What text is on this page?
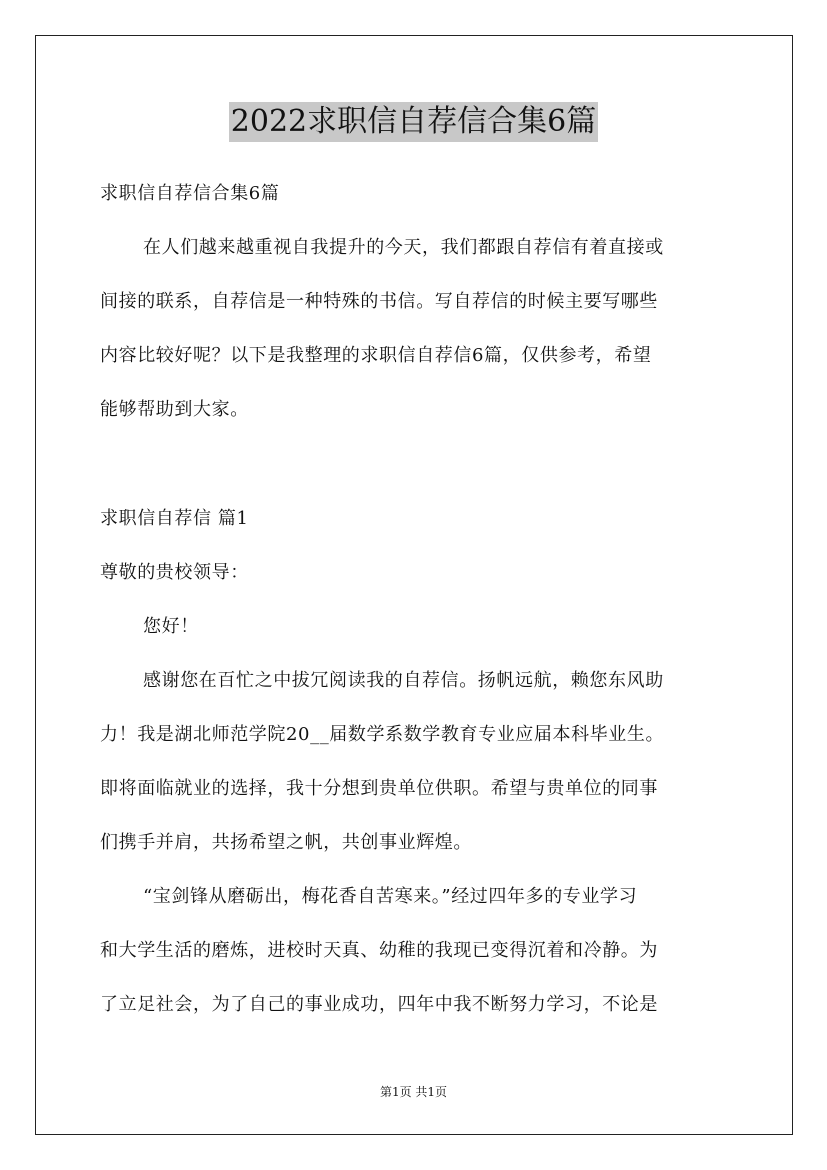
2022求职信自荐信合集6篇
求职信自荐信合集6篇
在人们越来越重视自我提升的今天，我们都跟自荐信有着直接或
间接的联系，自荐信是一种特殊的书信。写自荐信的时候主要写哪些
内容比较好呢？以下是我整理的求职信自荐信6篇，仅供参考，希望
能够帮助到大家。
求职信自荐信 篇1
尊敬的贵校领导：
您好！
感谢您在百忙之中拔冗阅读我的自荐信。扬帆远航，赖您东风助
力！我是湖北师范学院20__届数学系数学教育专业应届本科毕业生。
即将面临就业的选择，我十分想到贵单位供职。希望与贵单位的同事
们携手并肩，共扬希望之帆，共创事业辉煌。
“宝剑锋从磨砺出，梅花香自苦寒来。”经过四年多的专业学习
和大学生活的磨炼，进校时天真、幼稚的我现已变得沉着和冷静。为
了立足社会，为了自己的事业成功，四年中我不断努力学习，不论是
第1页 共1页
